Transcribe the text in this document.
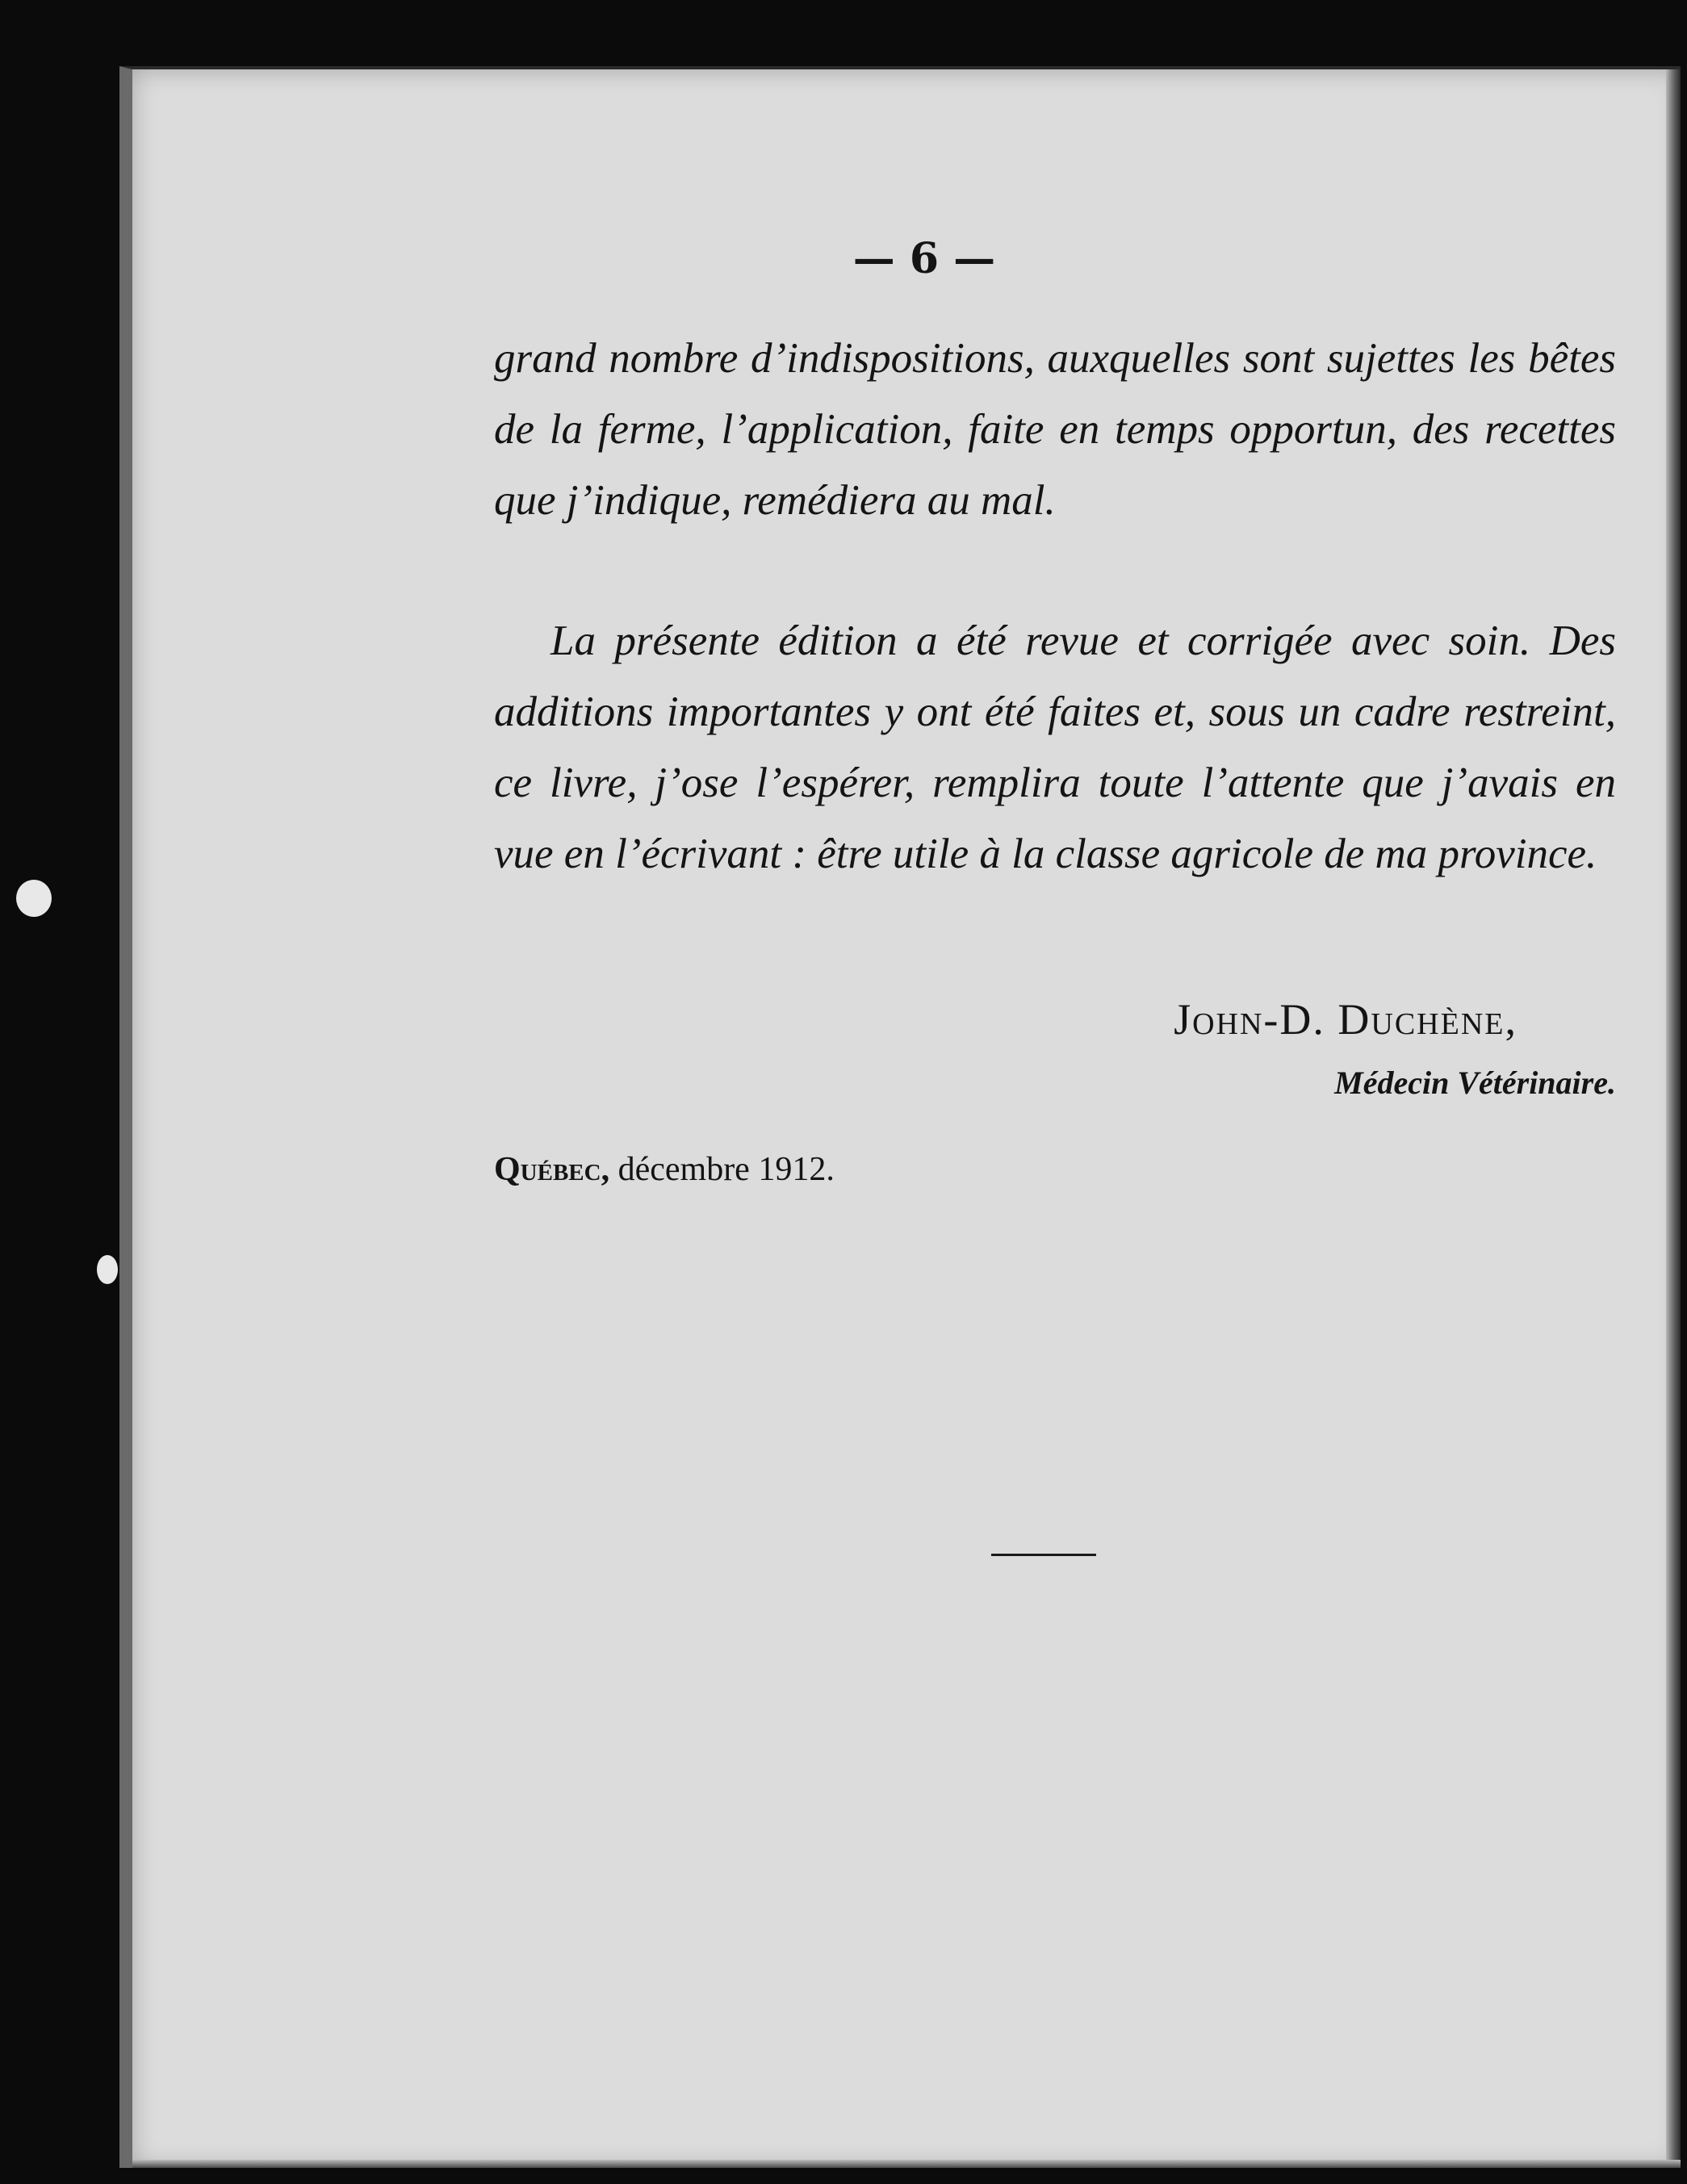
— 6 —
grand nombre d’indispositions, auxquelles sont sujettes les bêtes de la ferme, l’application, faite en temps opportun, des recettes que j’indique, remédiera au mal.
La présente édition a été revue et corrigée avec soin. Des additions importantes y ont été faites et, sous un cadre restreint, ce livre, j’ose l’espérer, remplira toute l’attente que j’avais en vue en l’écrivant : être utile à la classe agricole de ma province.
John-D. Duchène,
Médecin Vétérinaire.
Québec, décembre 1912.
